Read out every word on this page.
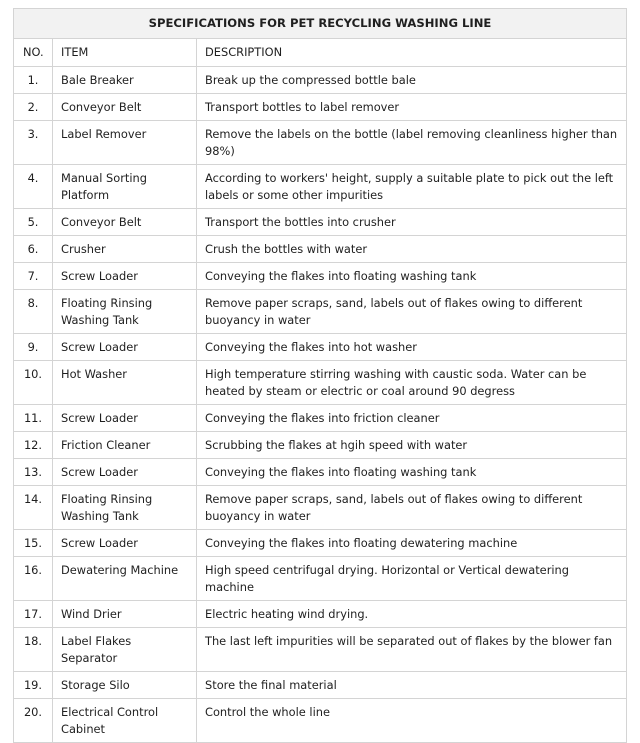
SPECIFICATIONS FOR PET RECYCLING WASHING LINE		
NO.	ITEM	DESCRIPTION
1.	Bale Breaker	Break up the compressed bottle bale
2.	Conveyor Belt	Transport bottles to label remover
3.	Label Remover	Remove the labels on the bottle (label removing cleanliness higher than 98%)
4.	Manual Sorting Platform	According to workers' height, supply a suitable plate to pick out the left labels or some other impurities
5.	Conveyor Belt	Transport the bottles into crusher
6.	Crusher	Crush the bottles with water
7.	Screw Loader	Conveying the flakes into floating washing tank
8.	Floating Rinsing Washing Tank	Remove paper scraps, sand, labels out of flakes owing to different buoyancy in water
9.	Screw Loader	Conveying the flakes into hot washer
10.	Hot Washer	High temperature stirring washing with caustic soda. Water can be heated by steam or electric or coal around 90 degress
11.	Screw Loader	Conveying the flakes into friction cleaner
12.	Friction Cleaner	Scrubbing the flakes at hgih speed with water
13.	Screw Loader	Conveying the flakes into floating washing tank
14.	Floating Rinsing Washing Tank	Remove paper scraps, sand, labels out of flakes owing to different buoyancy in water
15.	Screw Loader	Conveying the flakes into floating dewatering machine
16.	Dewatering Machine	High speed centrifugal drying. Horizontal or Vertical dewatering machine
17.	Wind Drier	Electric heating wind drying.
18.	Label Flakes Separator	The last left impurities will be separated out of flakes by the blower fan
19.	Storage Silo	Store the final material
20.	Electrical Control Cabinet	Control the whole line
